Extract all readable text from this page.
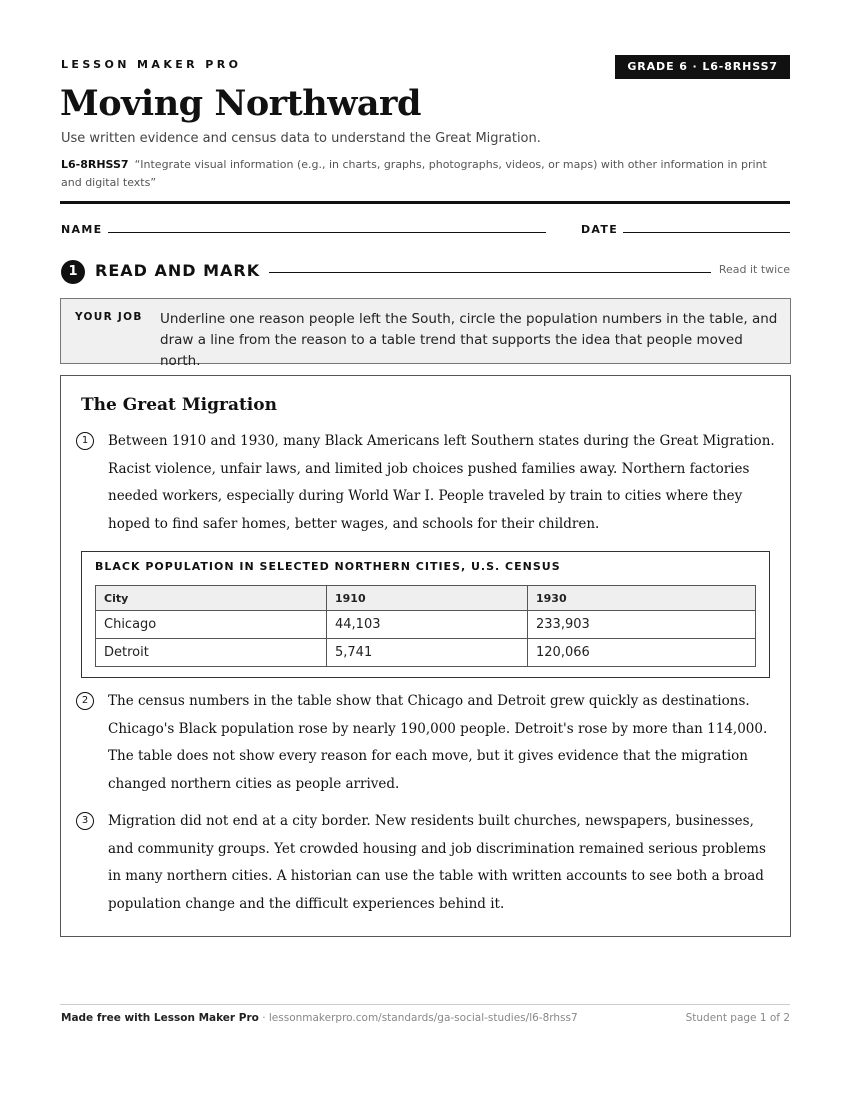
LESSON MAKER PRO	GRADE 6 · L6-8RHSS7
Moving Northward
Use written evidence and census data to understand the Great Migration.
L6-8RHSS7 “Integrate visual information (e.g., in charts, graphs, photographs, videos, or maps) with other information in print and digital texts”
NAME	DATE
1	READ AND MARK	Read it twice
YOUR JOB Underline one reason people left the South, circle the population numbers in the table, and draw a line from the reason to a table trend that supports the idea that people moved north.
The Great Migration
1	Between 1910 and 1930, many Black Americans left Southern states during the Great Migration. Racist violence, unfair laws, and limited job choices pushed families away. Northern factories needed workers, especially during World War I. People traveled by train to cities where they hoped to find safer homes, better wages, and schools for their children.
BLACK POPULATION IN SELECTED NORTHERN CITIES, U.S. CENSUS
City	1910	1930
Chicago	44,103	233,903
Detroit	5,741	120,066
2	The census numbers in the table show that Chicago and Detroit grew quickly as destinations. Chicago's Black population rose by nearly 190,000 people. Detroit's rose by more than 114,000. The table does not show every reason for each move, but it gives evidence that the migration changed northern cities as people arrived.
3	Migration did not end at a city border. New residents built churches, newspapers, businesses, and community groups. Yet crowded housing and job discrimination remained serious problems in many northern cities. A historian can use the table with written accounts to see both a broad population change and the difficult experiences behind it.
Made free with Lesson Maker Pro · lessonmakerpro.com/standards/ga-social-studies/l6-8rhss7	Student page 1 of 2
